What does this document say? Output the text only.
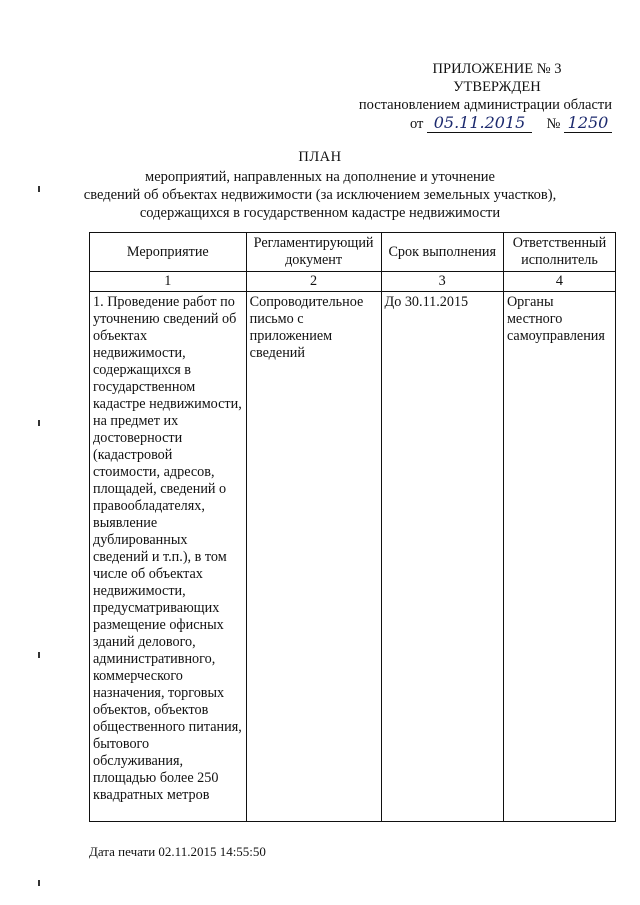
ПРИЛОЖЕНИЕ № 3
УТВЕРЖДЕН
постановлением администрации области
от 05.11.2015 № 1250
ПЛАН
мероприятий, направленных на дополнение и уточнение
сведений об объектах недвижимости (за исключением земельных участков),
содержащихся в государственном кадастре недвижимости
Мероприятие	Регламентирующий документ	Срок выполнения	Ответственный исполнитель
1	2	3	4
1. Проведение работ по уточнению сведений об объектах недвижимости, содержащихся в государственном кадастре недвижимости, на предмет их достоверности (кадастровой стоимости, адресов, площадей, сведений о правообладателях, выявление дублированных сведений и т.п.), в том числе об объектах недвижимости, предусматривающих размещение офисных зданий делового, административного, коммерческого назначения, торговых объектов, объектов общественного питания, бытового обслуживания, площадью более 250 квадратных метров	Сопроводительное письмо с приложением сведений	До 30.11.2015	Органы местного самоуправления
Дата печати 02.11.2015 14:55:50
